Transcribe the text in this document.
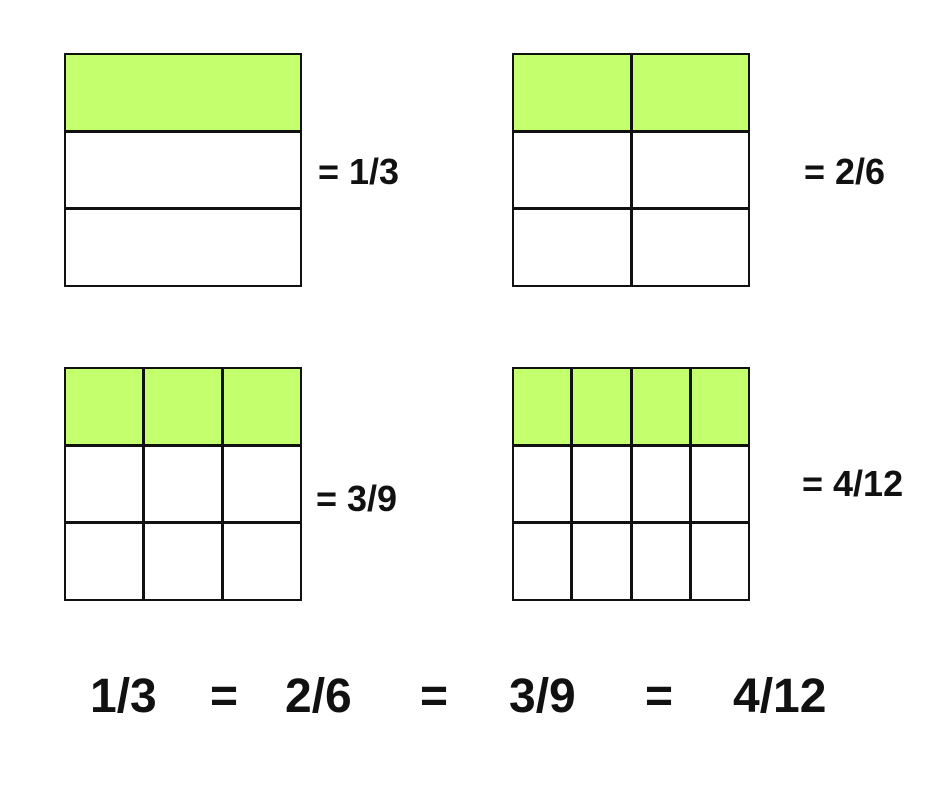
= 1/3	= 2/6
= 3/9	= 4/12
1/3 = 2/6 = 3/9 = 4/12
